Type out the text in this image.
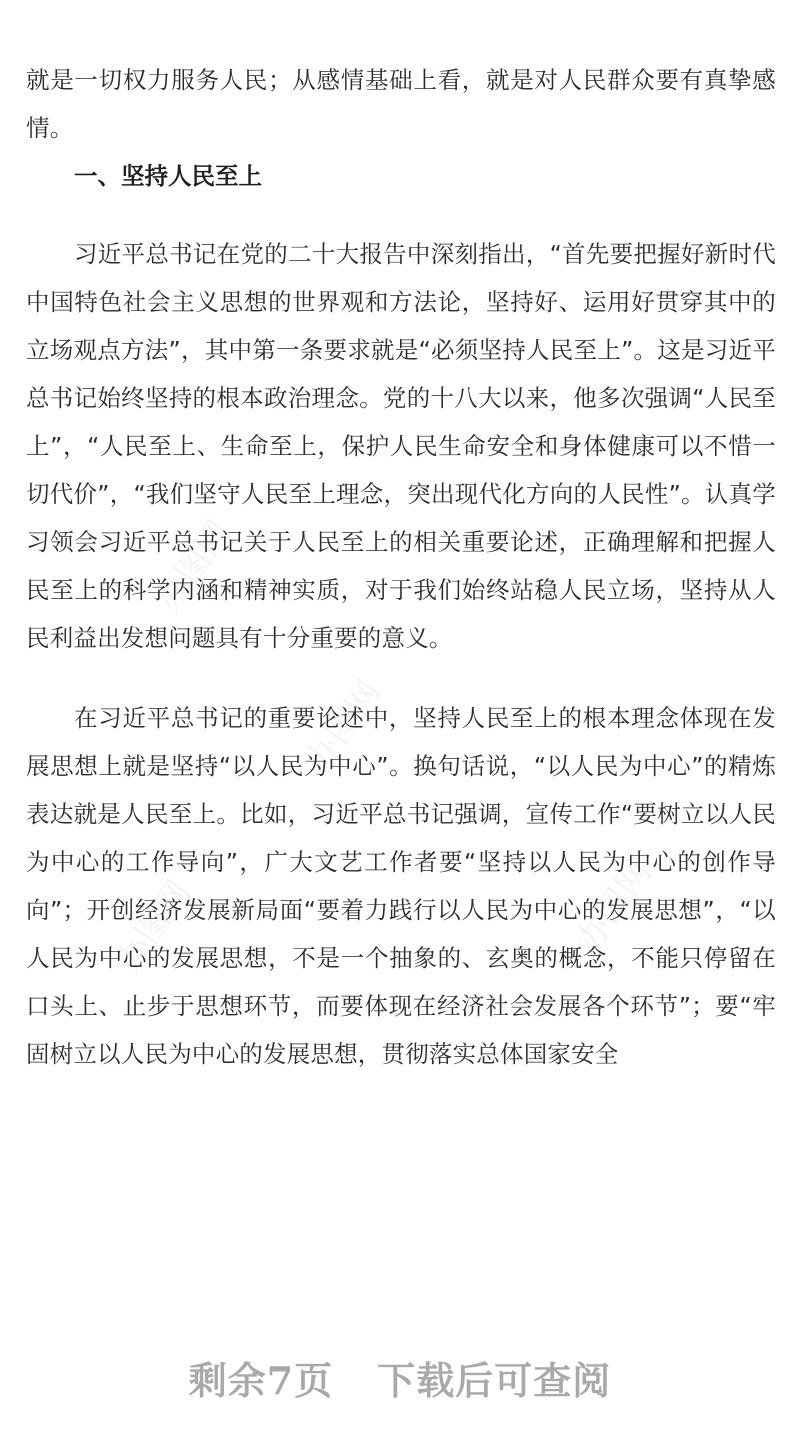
办图网
办图网
办图网	办图网

就是一切权力服务人民；从感情基础上看，就是对人民群众要有真挚感情。

一、坚持人民至上

习近平总书记在党的二十大报告中深刻指出，“首先要把握好新时代中国特色社会主义思想的世界观和方法论，坚持好、运用好贯穿其中的立场观点方法”，其中第一条要求就是“必须坚持人民至上”。这是习近平总书记始终坚持的根本政治理念。党的十八大以来，他多次强调“人民至上”，“人民至上、生命至上，保护人民生命安全和身体健康可以不惜一切代价”，“我们坚守人民至上理念，突出现代化方向的人民性”。认真学习领会习近平总书记关于人民至上的相关重要论述，正确理解和把握人民至上的科学内涵和精神实质，对于我们始终站稳人民立场，坚持从人民利益出发想问题具有十分重要的意义。

在习近平总书记的重要论述中，坚持人民至上的根本理念体现在发展思想上就是坚持“以人民为中心”。换句话说，“以人民为中心”的精炼表达就是人民至上。比如，习近平总书记强调，宣传工作“要树立以人民为中心的工作导向”，广大文艺工作者要“坚持以人民为中心的创作导向”；开创经济发展新局面“要着力践行以人民为中心的发展思想”，“以人民为中心的发展思想，不是一个抽象的、玄奥的概念，不能只停留在口头上、止步于思想环节，而要体现在经济社会发展各个环节”；要“牢固树立以人民为中心的发展思想，贯彻落实总体国家安全

剩余7页 下载后可查阅
